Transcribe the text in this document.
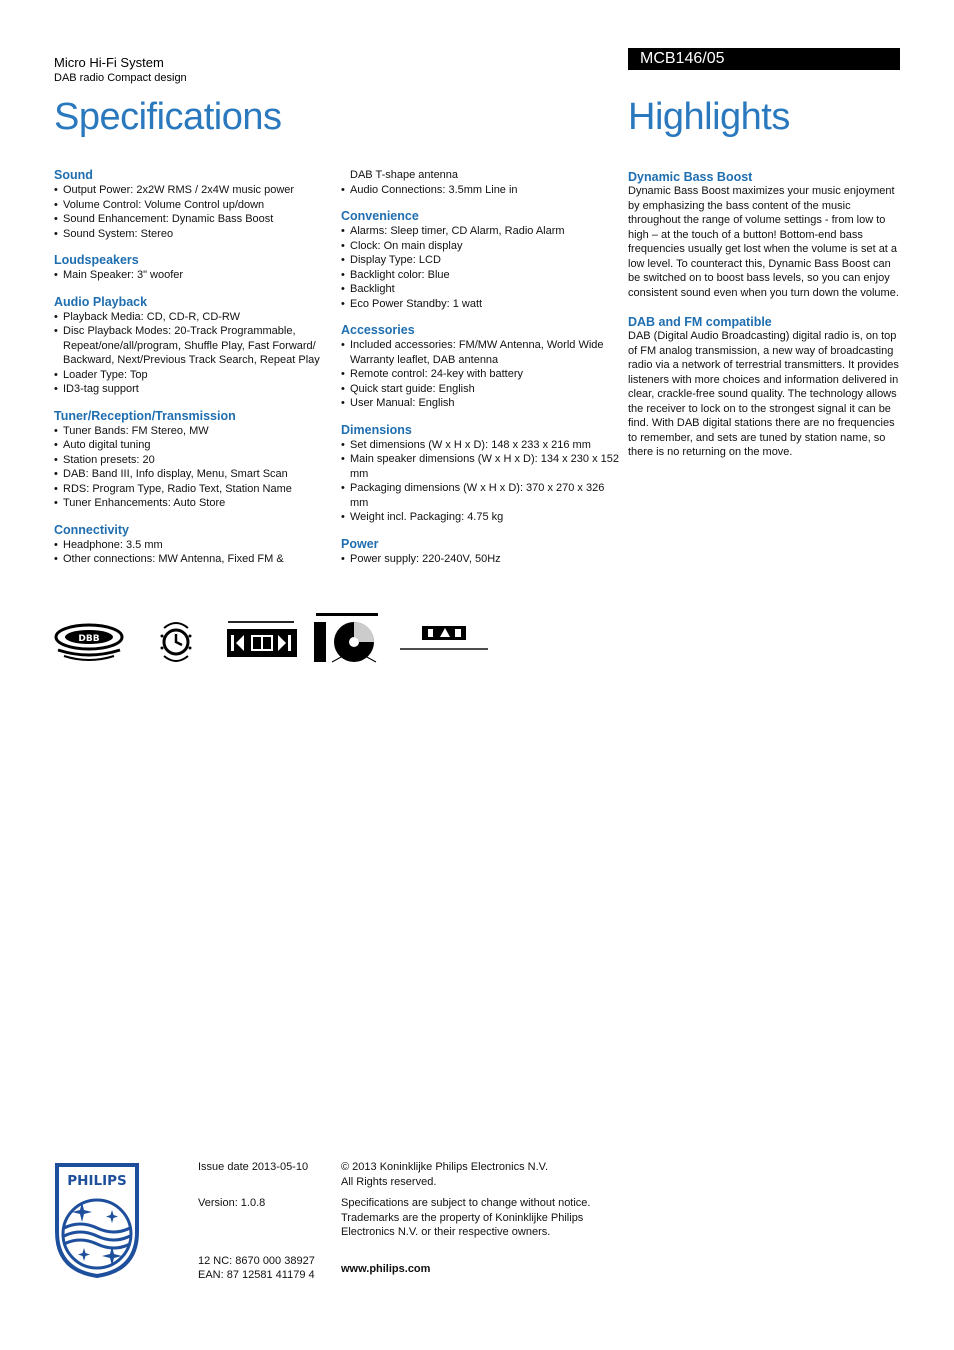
Micro Hi-Fi System
DAB radio Compact design
MCB146/05
Specifications	Highlights
Sound
• Output Power: 2x2W RMS / 2x4W music power
• Volume Control: Volume Control up/down
• Sound Enhancement: Dynamic Bass Boost
• Sound System: Stereo
Loudspeakers
• Main Speaker: 3" woofer
Audio Playback
• Playback Media: CD, CD-R, CD-RW
• Disc Playback Modes: 20-Track Programmable, Repeat/one/all/program, Shuffle Play, Fast Forward/ Backward, Next/Previous Track Search, Repeat Play
• Loader Type: Top
• ID3-tag support
Tuner/Reception/Transmission
• Tuner Bands: FM Stereo, MW
• Auto digital tuning
• Station presets: 20
• DAB: Band III, Info display, Menu, Smart Scan
• RDS: Program Type, Radio Text, Station Name
• Tuner Enhancements: Auto Store
Connectivity
• Headphone: 3.5 mm
• Other connections: MW Antenna, Fixed FM &
DAB T-shape antenna
• Audio Connections: 3.5mm Line in
Convenience
• Alarms: Sleep timer, CD Alarm, Radio Alarm
• Clock: On main display
• Display Type: LCD
• Backlight color: Blue
• Backlight
• Eco Power Standby: 1 watt
Accessories
• Included accessories: FM/MW Antenna, World Wide Warranty leaflet, DAB antenna
• Remote control: 24-key with battery
• Quick start guide: English
• User Manual: English
Dimensions
• Set dimensions (W x H x D): 148 x 233 x 216 mm
• Main speaker dimensions (W x H x D): 134 x 230 x 152 mm
• Packaging dimensions (W x H x D): 370 x 270 x 326 mm
• Weight incl. Packaging: 4.75 kg
Power
• Power supply: 220-240V, 50Hz
Dynamic Bass Boost

Dynamic Bass Boost maximizes your music enjoyment by emphasizing the bass content of the music throughout the range of volume settings - from low to high – at the touch of a button! Bottom-end bass frequencies usually get lost when the volume is set at a low level. To counteract this, Dynamic Bass Boost can be switched on to boost bass levels, so you can enjoy consistent sound even when you turn down the volume.

DAB and FM compatible

DAB (Digital Audio Broadcasting) digital radio is, on top of FM analog transmission, a new way of broadcasting radio via a network of terrestrial transmitters. It provides listeners with more choices and information delivered in clear, crackle-free sound quality. The technology allows the receiver to lock on to the strongest signal it can be find. With DAB digital stations there are no frequencies to remember, and sets are tuned by station name, so there is no returning on the move.

DBB
PHILIPS
Issue date 2013-05-10
Version: 1.0.8
12 NC: 8670 000 38927
EAN: 87 12581 41179 4
© 2013 Koninklijke Philips Electronics N.V.
All Rights reserved.
Specifications are subject to change without notice.
Trademarks are the property of Koninklijke Philips
Electronics N.V. or their respective owners.
www.philips.com
